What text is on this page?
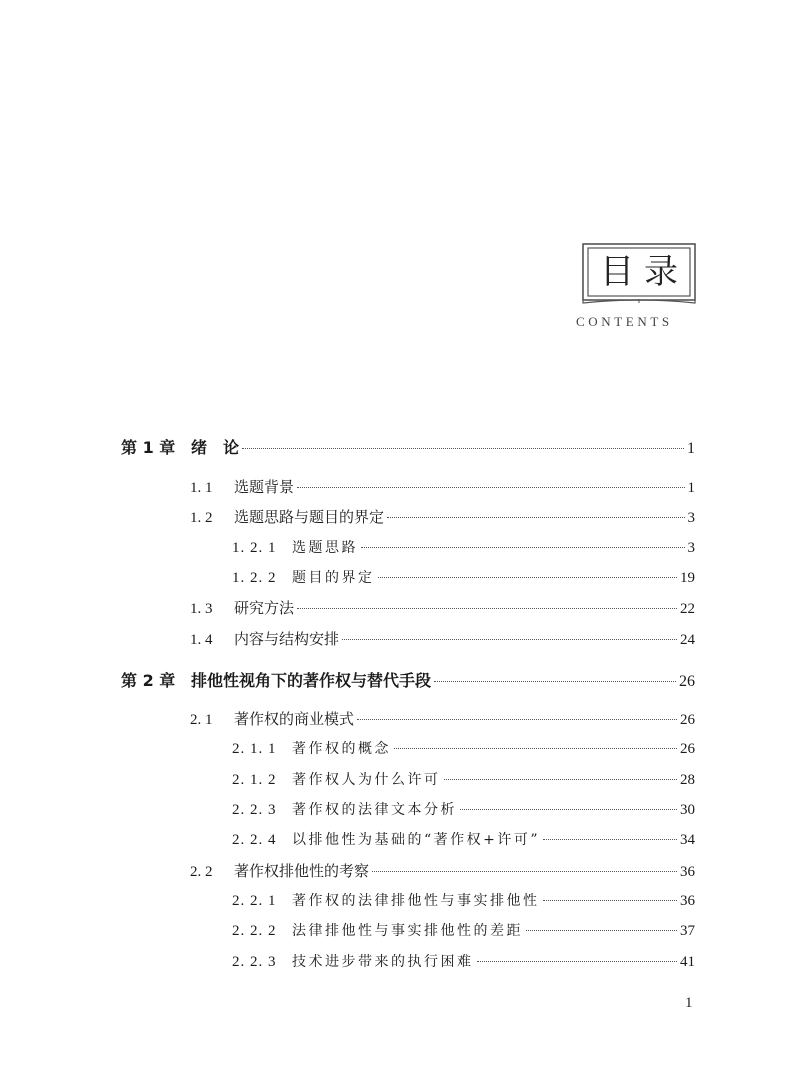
目录
CONTENTS
第 1 章 绪　论	1
1. 1	选题背景	1
1. 2	选题思路与题目的界定	3
1. 2. 1	选题思路	3
1. 2. 2	题目的界定	19
1. 3	研究方法	22
1. 4	内容与结构安排	24
第 2 章 排他性视角下的著作权与替代手段	26
2. 1	著作权的商业模式	26
2. 1. 1	著作权的概念	26
2. 1. 2	著作权人为什么许可	28
2. 2. 3	著作权的法律文本分析	30
2. 2. 4	以排他性为基础的“著作权+许可”	34
2. 2	著作权排他性的考察	36
2. 2. 1	著作权的法律排他性与事实排他性	36
2. 2. 2	法律排他性与事实排他性的差距	37
2. 2. 3	技术进步带来的执行困难	41
1
